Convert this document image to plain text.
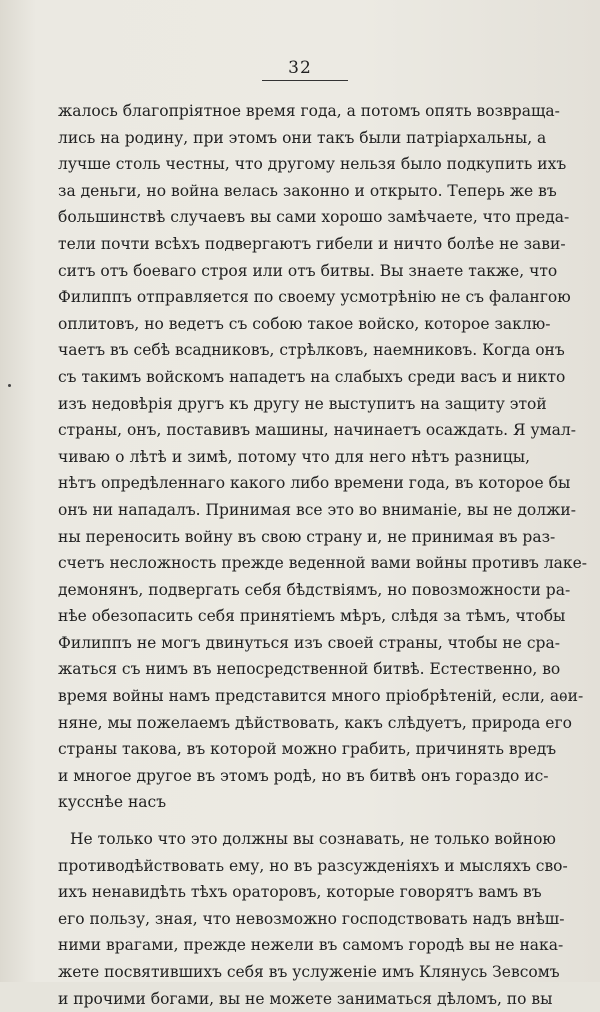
32
жалось благопріятное время года, а потомъ опять возвраща-
лись на родину, при этомъ они такъ были патріархальны, а
лучше столь честны, что другому нельзя было подкупить ихъ
за деньги, но война велась законно и открыто. Теперь же въ
большинствѣ случаевъ вы сами хорошо замѣчаете, что преда-
тели почти всѣхъ подвергаютъ гибели и ничто болѣе не зави-
ситъ отъ боеваго строя или отъ битвы. Вы знаете также, что
Филиппъ отправляется по своему усмотрѣнію не съ фалангою
оплитовъ, но ведетъ съ собою такое войско, которое заклю-
чаетъ въ себѣ всадниковъ, стрѣлковъ, наемниковъ. Когда онъ
съ такимъ войскомъ нападетъ на слабыхъ среди васъ и никто
изъ недовѣрія другъ къ другу не выступитъ на защиту этой
страны, онъ, поставивъ машины, начинаетъ осаждать. Я умал-
чиваю о лѣтѣ и зимѣ, потому что для него нѣтъ разницы,
нѣтъ опредѣленнаго какого либо времени года, въ которое бы
онъ ни нападалъ. Принимая все это во вниманіе, вы не должи-
ны переносить войну въ свою страну и, не принимая въ раз-
счетъ несложность прежде веденной вами войны противъ лаке-
демонянъ, подвергать себя бѣдствіямъ, но повозможности ра-
нѣе обезопасить себя принятіемъ мѣръ, слѣдя за тѣмъ, чтобы
Филиппъ не могъ двинуться изъ своей страны, чтобы не сра-
жаться съ нимъ въ непосредственной битвѣ. Естественно, во
время войны намъ представится много пріобрѣтеній, если, аѳи-
няне, мы пожелаемъ дѣйствовать, какъ слѣдуетъ, природа его
страны такова, въ которой можно грабить, причинять вредъ
и многое другое въ этомъ родѣ, но въ битвѣ онъ гораздо ис-
кусснѣе насъ
Не только что это должны вы сознавать, не только войною
противодѣйствовать ему, но въ разсужденіяхъ и мысляхъ сво-
ихъ ненавидѣть тѣхъ ораторовъ, которые говорятъ вамъ въ
его пользу, зная, что невозможно господствовать надъ внѣш-
ними врагами, прежде нежели въ самомъ городѣ вы не нака-
жете посвятившихъ себя въ услуженіе имъ Клянусь Зевсомъ
и прочими богами, вы не можете заниматься дѣломъ, по вы
